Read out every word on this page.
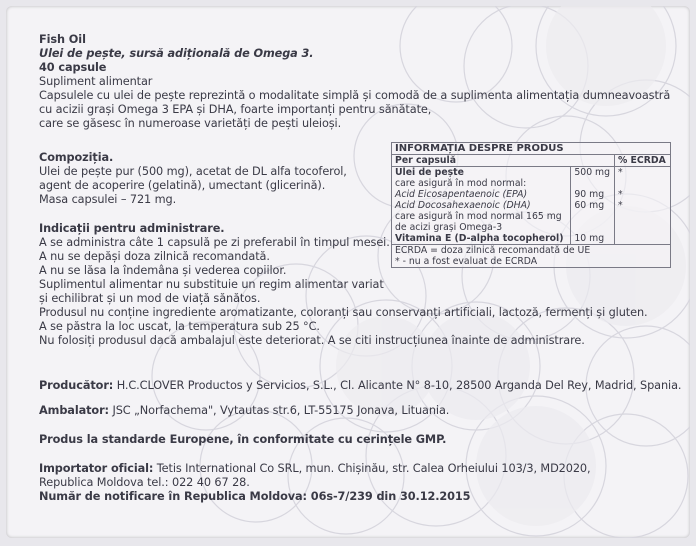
Fish Oil
Ulei de pește, sursă adițională de Omega 3.
40 capsule
Supliment alimentar
Capsulele cu ulei de pește reprezintă o modalitate simplă și comodă de a suplimenta alimentația dumneavoastră
cu acizii grași Omega 3 EPA și DHA, foarte importanți pentru sănătate,
care se găsesc în numeroase varietăți de pești uleioși.
Compoziția.
Ulei de pește pur (500 mg), acetat de DL alfa tocoferol,
agent de acoperire (gelatină), umectant (glicerină).
Masa capsulei – 721 mg.
Indicații pentru administrare.
A se administra câte 1 capsulă pe zi preferabil în timpul mesei.
A nu se depăși doza zilnică recomandată.
A nu se lăsa la îndemâna și vederea copiilor.
Suplimentul alimentar nu substituie un regim alimentar variat
și echilibrat și un mod de viață sănătos.
Produsul nu conține ingrediente aromatizante, coloranți sau conservanți artificiali, lactoză, fermenți și gluten.
A se păstra la loc uscat, la temperatura sub 25 °C.
Nu folosiți produsul dacă ambalajul este deteriorat. A se citi instrucțiunea înainte de administrare.
INFORMAȚIA DESPRE PRODUS		
Per capsulă		% ECRDA
Ulei de pește	500 mg	*
care asigură în mod normal:		
Acid Eicosapentaenoic (EPA)	90 mg	*
Acid Docosahexaenoic (DHA)	60 mg	*
care asigură în mod normal 165 mg		
de acizi grași Omega-3		
Vitamina E (D-alpha tocopherol)	10 mg	
ECRDA = doza zilnică recomandată de UE		
* - nu a fost evaluat de ECRDA		
Producător: H.C.CLOVER Productos y Servicios, S.L., Cl. Alicante N° 8-10, 28500 Arganda Del Rey, Madrid, Spania.
Ambalator: JSC „Norfachema", Vytautas str.6, LT-55175 Jonava, Lituania.
Produs la standarde Europene, în conformitate cu cerințele GMP.
Importator oficial: Tetis International Co SRL, mun. Chișinău, str. Calea Orheiului 103/3, MD2020,
Republica Moldova tel.: 022 40 67 28.
Număr de notificare în Republica Moldova: 06s-7/239 din 30.12.2015
